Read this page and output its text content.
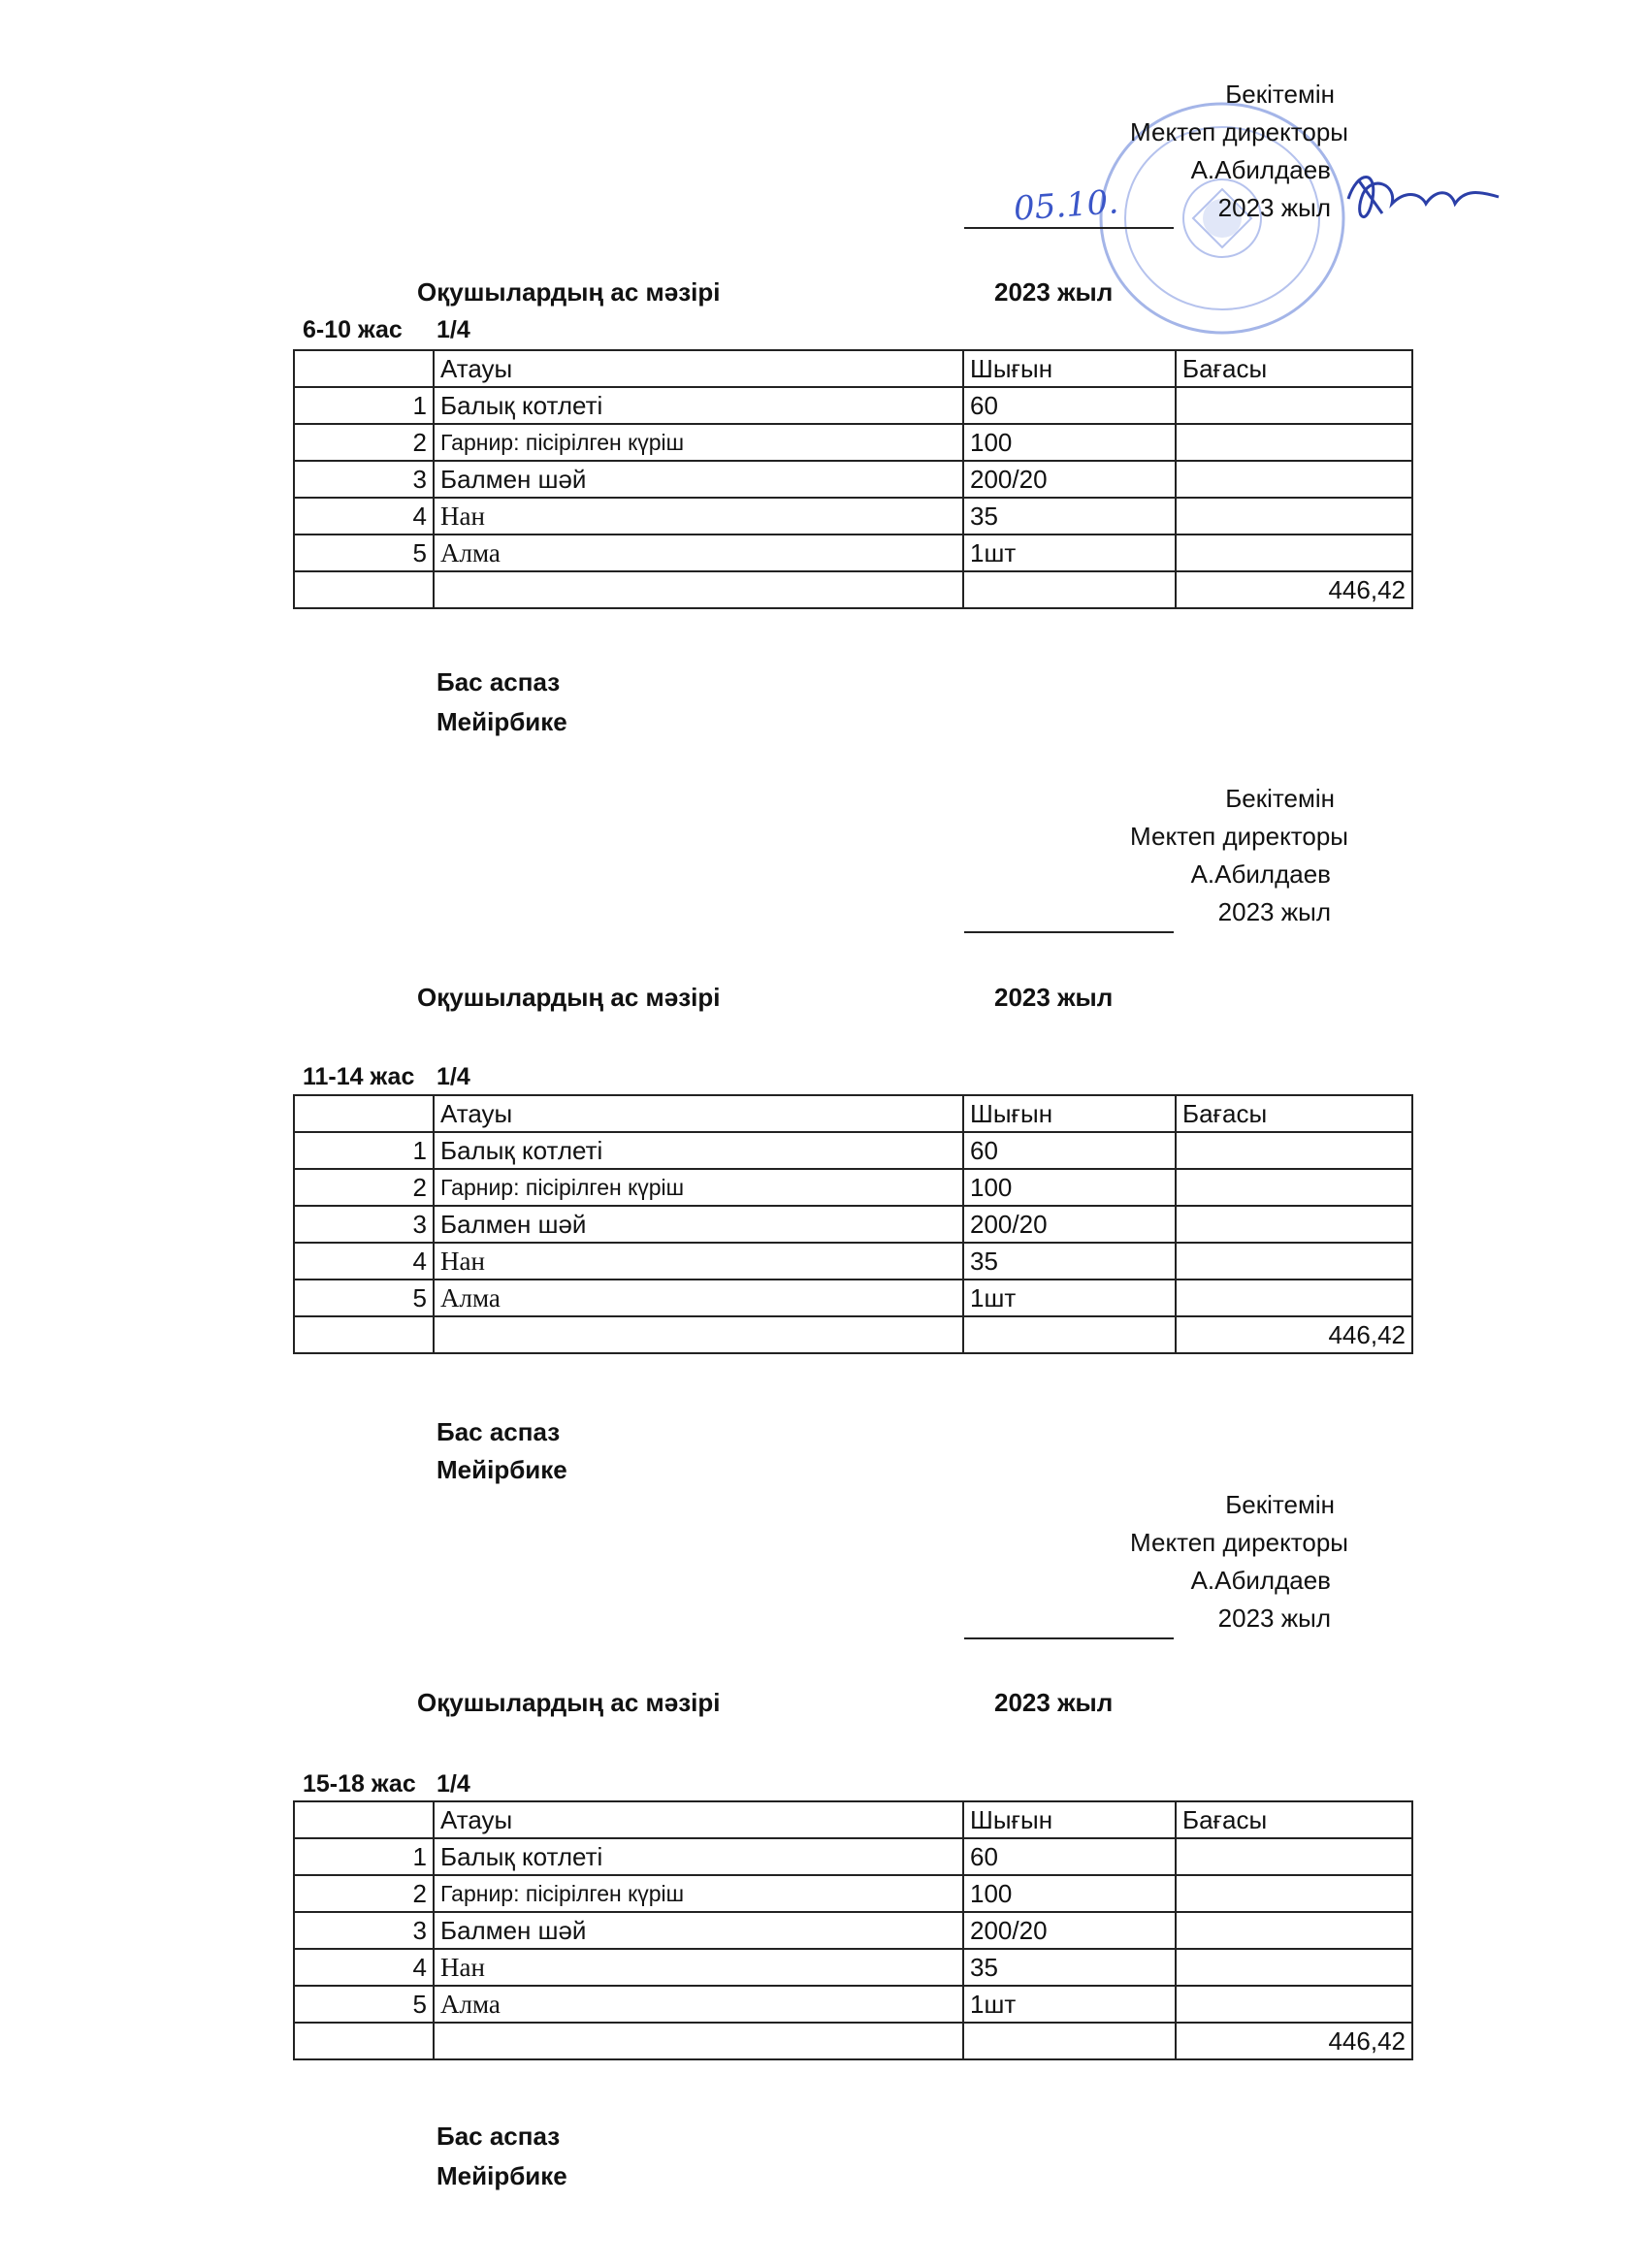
05.10.
Бекітемін
Мектеп директоры
А.Абилдаев
2023 жыл
Оқушылардың ас мәзірі	2023 жыл
6-10 жас 1/4
	Атауы	Шығын	Бағасы
1	Балық котлеті	60	
2	Гарнир: пісірілген күріш	100	
3	Балмен шәй	200/20	
4	Нан	35	
5	Алма	1шт	
			446,42
Бас аспаз
Мейірбике
Бекітемін
Мектеп директоры
А.Абилдаев
2023 жыл
Оқушылардың ас мәзірі	2023 жыл
11-14 жас 1/4
	Атауы	Шығын	Бағасы
1	Балық котлеті	60	
2	Гарнир: пісірілген күріш	100	
3	Балмен шәй	200/20	
4	Нан	35	
5	Алма	1шт	
			446,42
Бас аспаз
Мейірбике
Бекітемін
Мектеп директоры
А.Абилдаев
2023 жыл
Оқушылардың ас мәзірі	2023 жыл
15-18 жас 1/4
	Атауы	Шығын	Бағасы
1	Балық котлеті	60	
2	Гарнир: пісірілген күріш	100	
3	Балмен шәй	200/20	
4	Нан	35	
5	Алма	1шт	
			446,42
Бас аспаз
Мейірбике
